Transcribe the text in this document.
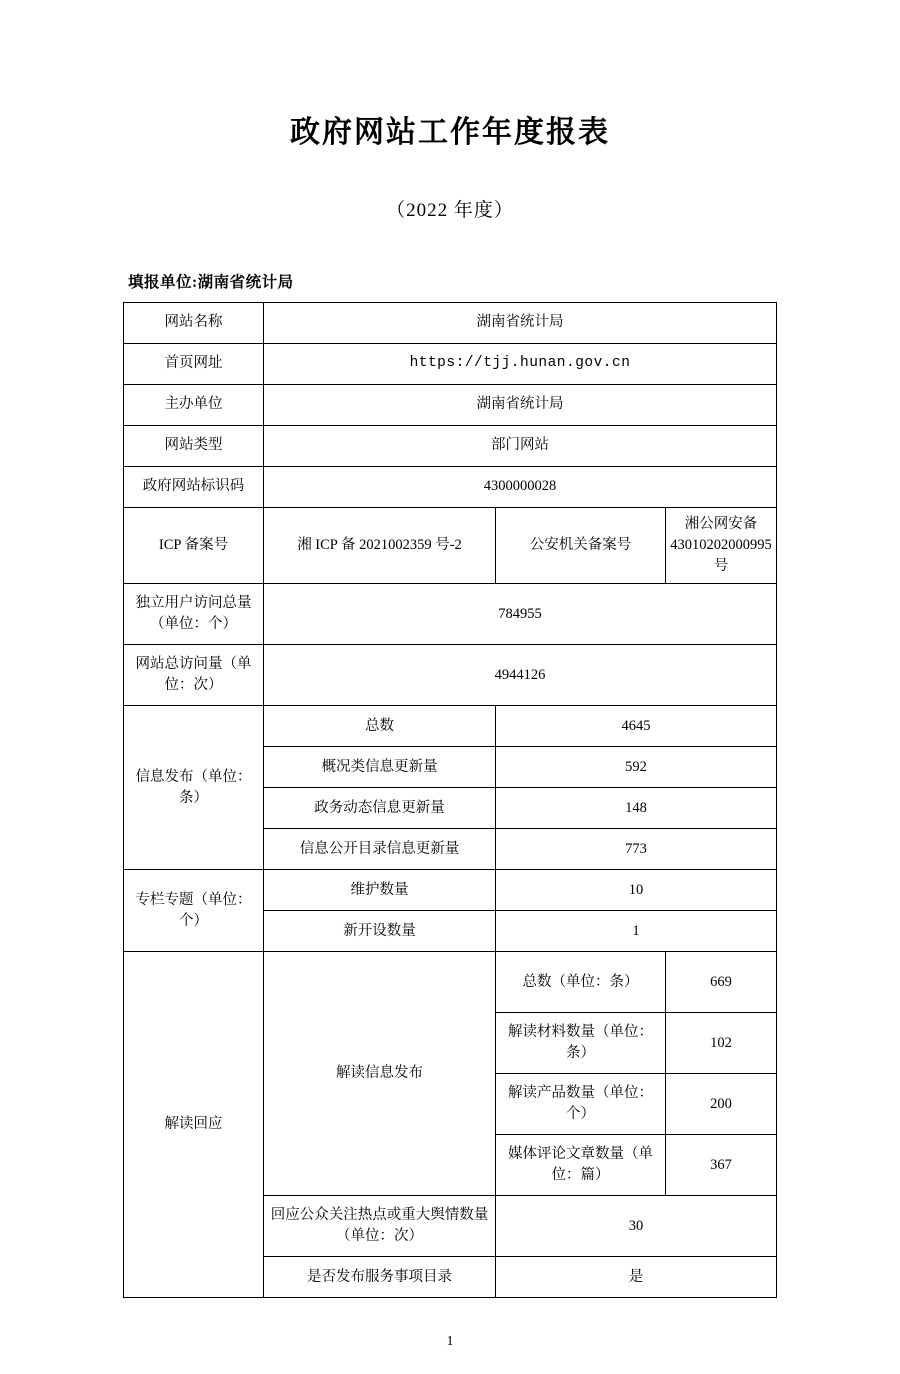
政府网站工作年度报表
（2022 年度）
填报单位:湖南省统计局
网站名称	湖南省统计局		
首页网址	https://tjj.hunan.gov.cn		
主办单位	湖南省统计局		
网站类型	部门网站		
政府网站标识码	4300000028		
ICP 备案号	湘 ICP 备 2021002359 号-2	公安机关备案号	湘公网安备 43010202000995 号
独立用户访问总量（单位：个）	784955		
网站总访问量（单位：次）	4944126		
信息发布（单位：条）	总数	4645	
	概况类信息更新量	592	
	政务动态信息更新量	148	
	信息公开目录信息更新量	773	
专栏专题（单位：个）	维护数量	10	
	新开设数量	1	
解读回应	解读信息发布	总数（单位：条）	669
		解读材料数量（单位：条）	102
		解读产品数量（单位：个）	200
		媒体评论文章数量（单位：篇）	367
	回应公众关注热点或重大舆情数量（单位：次）	30	
	是否发布服务事项目录	是	
1
